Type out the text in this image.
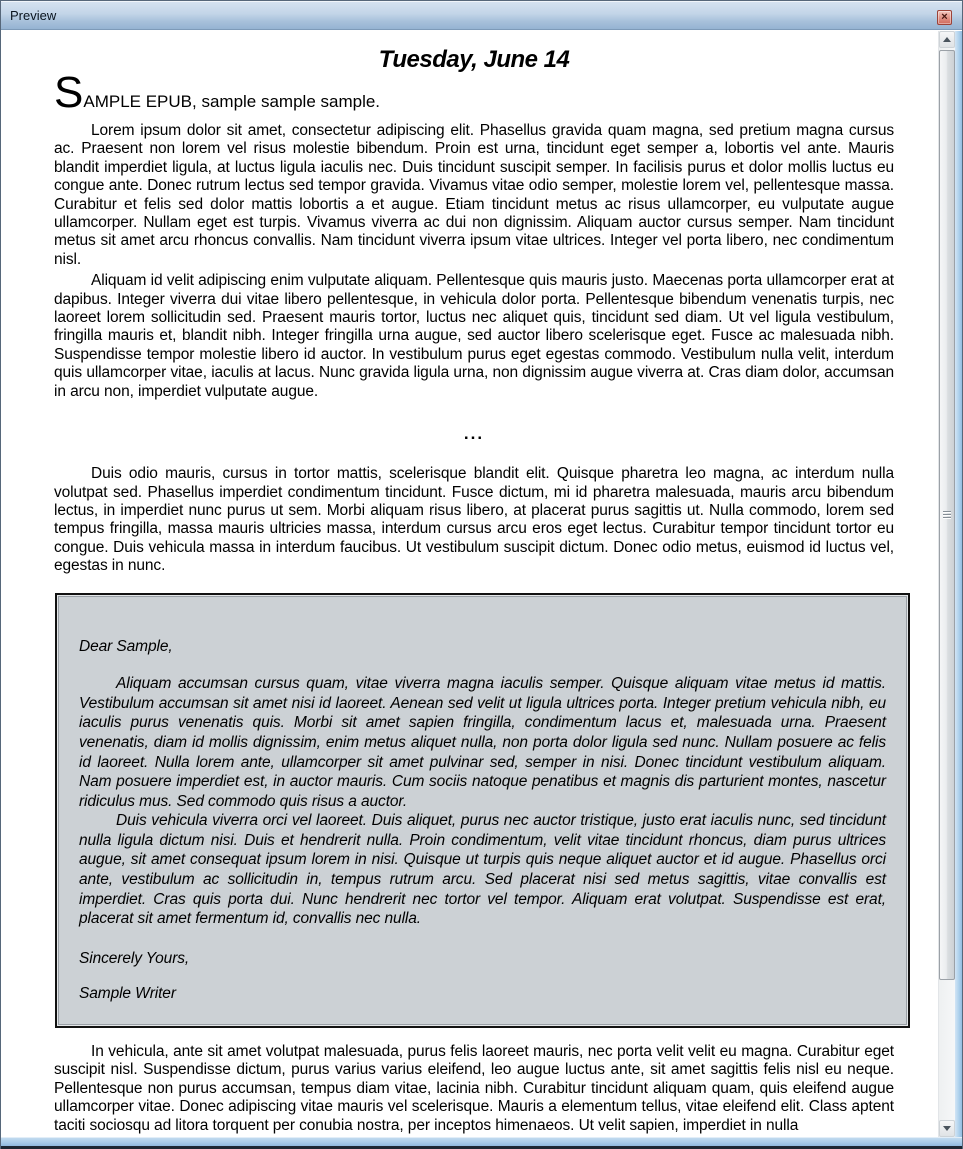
Preview	×
Tuesday, June 14

SAMPLE EPUB, sample sample sample.

Lorem ipsum dolor sit amet, consectetur adipiscing elit. Phasellus gravida quam magna, sed pretium magna cursus ac. Praesent non lorem vel risus molestie bibendum. Proin est urna, tincidunt eget semper a, lobortis vel ante. Mauris blandit imperdiet ligula, at luctus ligula iaculis nec. Duis tincidunt suscipit semper. In facilisis purus et dolor mollis luctus eu congue ante. Donec rutrum lectus sed tempor gravida. Vivamus vitae odio semper, molestie lorem vel, pellentesque massa. Curabitur et felis sed dolor mattis lobortis a et augue. Etiam tincidunt metus ac risus ullamcorper, eu vulputate augue ullamcorper. Nullam eget est turpis. Vivamus viverra ac dui non dignissim. Aliquam auctor cursus semper. Nam tincidunt metus sit amet arcu rhoncus convallis. Nam tincidunt viverra ipsum vitae ultrices. Integer vel porta libero, nec condimentum nisl.

Aliquam id velit adipiscing enim vulputate aliquam. Pellentesque quis mauris justo. Maecenas porta ullamcorper erat at dapibus. Integer viverra dui vitae libero pellentesque, in vehicula dolor porta. Pellentesque bibendum venenatis turpis, nec laoreet lorem sollicitudin sed. Praesent mauris tortor, luctus nec aliquet quis, tincidunt sed diam. Ut vel ligula vestibulum, fringilla mauris et, blandit nibh. Integer fringilla urna augue, sed auctor libero scelerisque eget. Fusce ac malesuada nibh. Suspendisse tempor molestie libero id auctor. In vestibulum purus eget egestas commodo. Vestibulum nulla velit, interdum quis ullamcorper vitae, iaculis at lacus. Nunc gravida ligula urna, non dignissim augue viverra at. Cras diam dolor, accumsan in arcu non, imperdiet vulputate augue.

...

Duis odio mauris, cursus in tortor mattis, scelerisque blandit elit. Quisque pharetra leo magna, ac interdum nulla volutpat sed. Phasellus imperdiet condimentum tincidunt. Fusce dictum, mi id pharetra malesuada, mauris arcu bibendum lectus, in imperdiet nunc purus ut sem. Morbi aliquam risus libero, at placerat purus sagittis ut. Nulla commodo, lorem sed tempus fringilla, massa mauris ultricies massa, interdum cursus arcu eros eget lectus. Curabitur tempor tincidunt tortor eu congue. Duis vehicula massa in interdum faucibus. Ut vestibulum suscipit dictum. Donec odio metus, euismod id luctus vel, egestas in nunc.

Dear Sample,

Aliquam accumsan cursus quam, vitae viverra magna iaculis semper. Quisque aliquam vitae metus id mattis. Vestibulum accumsan sit amet nisi id laoreet. Aenean sed velit ut ligula ultrices porta. Integer pretium vehicula nibh, eu iaculis purus venenatis quis. Morbi sit amet sapien fringilla, condimentum lacus et, malesuada urna. Praesent venenatis, diam id mollis dignissim, enim metus aliquet nulla, non porta dolor ligula sed nunc. Nullam posuere ac felis id laoreet. Nulla lorem ante, ullamcorper sit amet pulvinar sed, semper in nisi. Donec tincidunt vestibulum aliquam. Nam posuere imperdiet est, in auctor mauris. Cum sociis natoque penatibus et magnis dis parturient montes, nascetur ridiculus mus. Sed commodo quis risus a auctor.

Duis vehicula viverra orci vel laoreet. Duis aliquet, purus nec auctor tristique, justo erat iaculis nunc, sed tincidunt nulla ligula dictum nisi. Duis et hendrerit nulla. Proin condimentum, velit vitae tincidunt rhoncus, diam purus ultrices augue, sit amet consequat ipsum lorem in nisi. Quisque ut turpis quis neque aliquet auctor et id augue. Phasellus orci ante, vestibulum ac sollicitudin in, tempus rutrum arcu. Sed placerat nisi sed metus sagittis, vitae convallis est imperdiet. Cras quis porta dui. Nunc hendrerit nec tortor vel tempor. Aliquam erat volutpat. Suspendisse est erat, placerat sit amet fermentum id, convallis nec nulla.

Sincerely Yours,

Sample Writer

In vehicula, ante sit amet volutpat malesuada, purus felis laoreet mauris, nec porta velit velit eu magna. Curabitur eget suscipit nisl. Suspendisse dictum, purus varius varius eleifend, leo augue luctus ante, sit amet sagittis felis nisl eu neque. Pellentesque non purus accumsan, tempus diam vitae, lacinia nibh. Curabitur tincidunt aliquam quam, quis eleifend augue ullamcorper vitae. Donec adipiscing vitae mauris vel scelerisque. Mauris a elementum tellus, vitae eleifend elit. Class aptent taciti sociosqu ad litora torquent per conubia nostra, per inceptos himenaeos. Ut velit sapien, imperdiet in nulla
